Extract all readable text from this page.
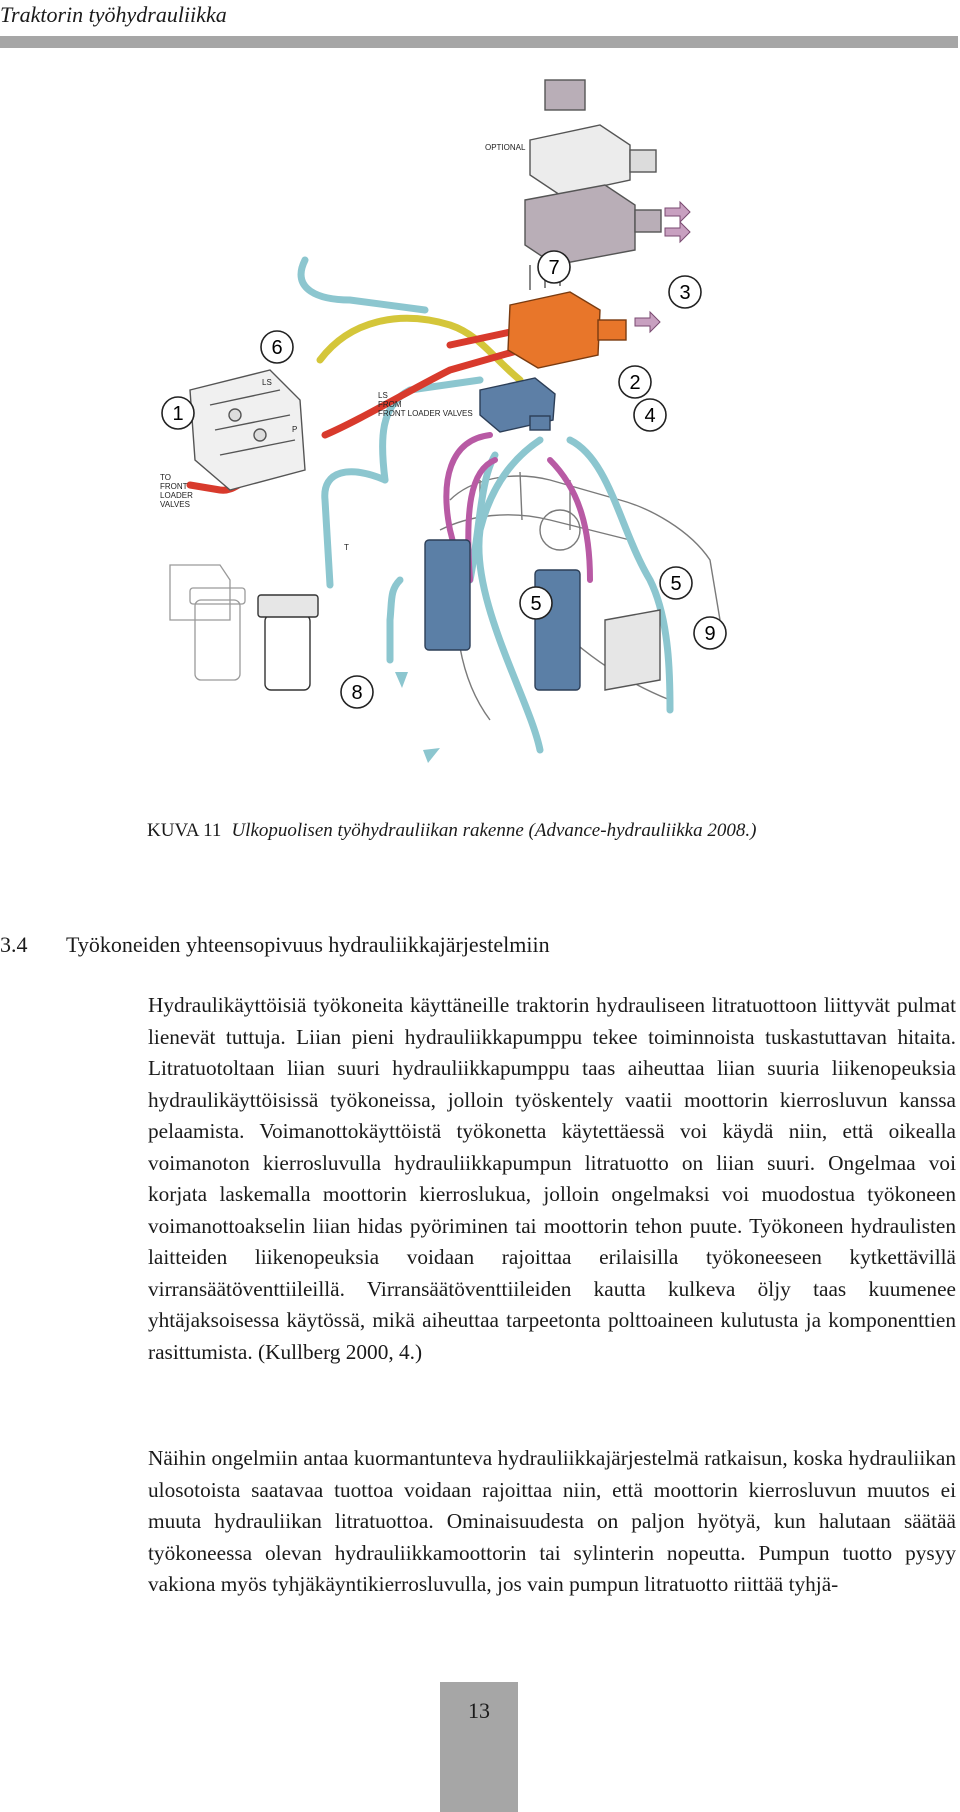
Traktorin työhydrauliikka
OPTIONAL
LS
P
T
LS
FROM
FRONT LOADER VALVES
TO
FRONT
LOADER
VALVES
1
2
3
4
5
5
6
7
8
9
KUVA 11 Ulkopuolisen työhydrauliikan rakenne (Advance-hydrauliikka 2008.)
3.4 Työkoneiden yhteensopivuus hydrauliikkajärjestelmiin

Hydraulikäyttöisiä työkoneita käyttäneille traktorin hydrauliseen litratuottoon liittyvät pulmat lienevät tuttuja. Liian pieni hydrauliikkapumppu tekee toiminnoista tuskastuttavan hitaita. Litratuotoltaan liian suuri hydrauliikkapumppu taas aiheuttaa liian suuria liikenopeuksia hydraulikäyttöisissä työkoneissa, jolloin työskentely vaatii moottorin kierrosluvun kanssa pelaamista. Voimanottokäyttöistä työkonetta käytettäessä voi käydä niin, että oikealla voimanoton kierrosluvulla hydrauliikkapumpun litratuotto on liian suuri. Ongelmaa voi korjata laskemalla moottorin kierroslukua, jolloin ongelmaksi voi muodostua työkoneen voimanottoakselin liian hidas pyöriminen tai moottorin tehon puute. Työkoneen hydraulisten laitteiden liikenopeuksia voidaan rajoittaa erilaisilla työkoneeseen kytkettävillä virransäätöventtiileillä. Virransäätöventtiileiden kautta kulkeva öljy taas kuumenee yhtäjaksoisessa käytössä, mikä aiheuttaa tarpeetonta polttoaineen kulutusta ja komponenttien rasittumista. (Kullberg 2000, 4.)

Näihin ongelmiin antaa kuormantunteva hydrauliikkajärjestelmä ratkaisun, koska hydrauliikan ulosotoista saatavaa tuottoa voidaan rajoittaa niin, että moottorin kierrosluvun muutos ei muuta hydrauliikan litratuottoa. Ominaisuudesta on paljon hyötyä, kun halutaan säätää työkoneessa olevan hydrauliikkamoottorin tai sylinterin nopeutta. Pumpun tuotto pysyy vakiona myös tyhjäkäyntikierrosluvulla, jos vain pumpun litratuotto riittää tyhjä-

13
